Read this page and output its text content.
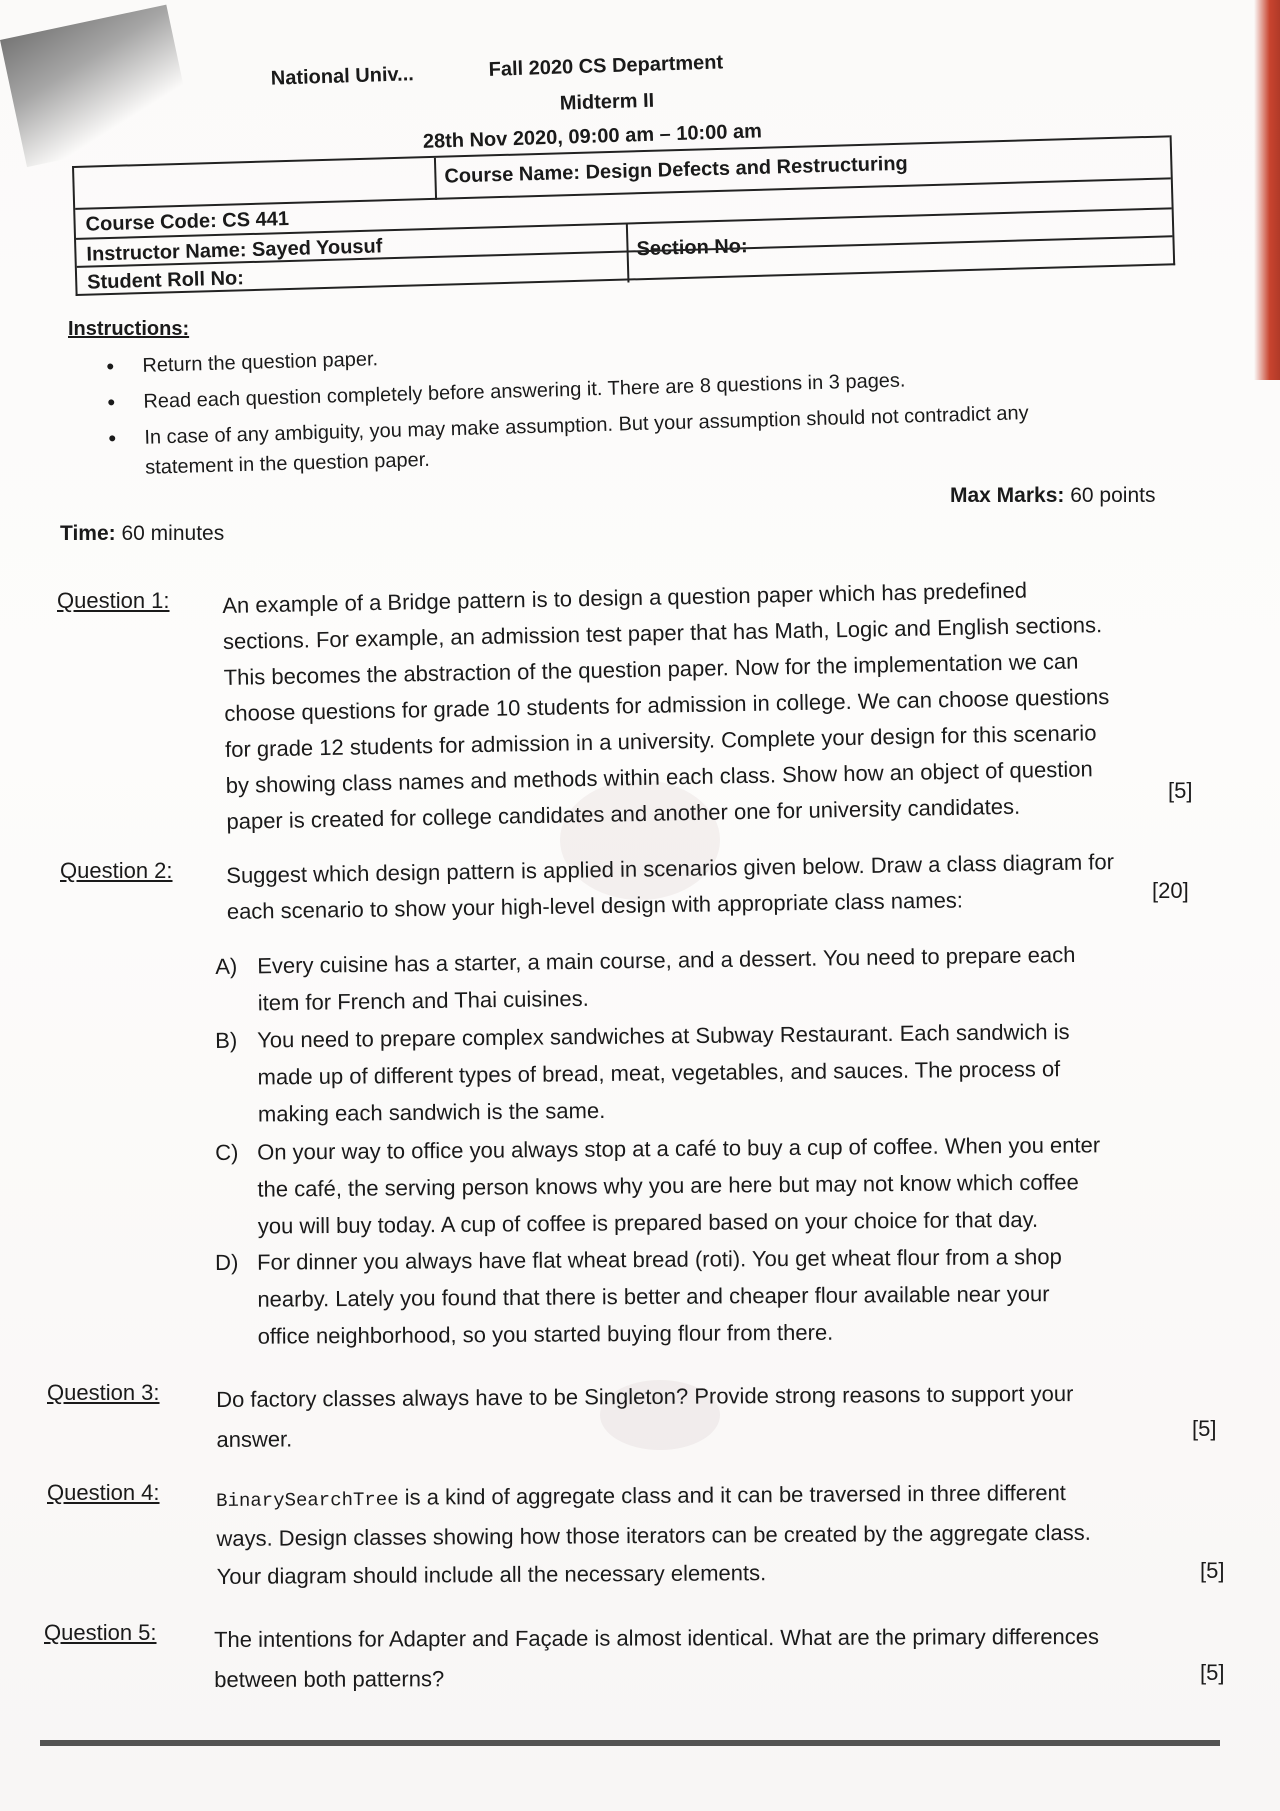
National Univ...	Fall 2020 CS Department
Midterm II
28th Nov 2020, 09:00 am – 10:00 am
Course Name: Design Defects and Restructuring
Course Code: CS 441
Instructor Name: Sayed Yousuf	Section No:
Student Roll No:
Instructions:
• Return the question paper.
• Read each question completely before answering it. There are 8 questions in 3 pages.
• In case of any ambiguity, you may make assumption. But your assumption should not contradict any
statement in the question paper.
Max Marks: 60 points
Time: 60 minutes
Question 1: An example of a Bridge pattern is to design a question paper which has predefined
sections. For example, an admission test paper that has Math, Logic and English sections.
This becomes the abstraction of the question paper. Now for the implementation we can
choose questions for grade 10 students for admission in college. We can choose questions
for grade 12 students for admission in a university. Complete your design for this scenario
by showing class names and methods within each class. Show how an object of question
paper is created for college candidates and another one for university candidates.
[5]
Question 2: Suggest which design pattern is applied in scenarios given below. Draw a class diagram for
each scenario to show your high-level design with appropriate class names:	[20]
A) Every cuisine has a starter, a main course, and a dessert. You need to prepare each
item for French and Thai cuisines.
B) You need to prepare complex sandwiches at Subway Restaurant. Each sandwich is
made up of different types of bread, meat, vegetables, and sauces. The process of
making each sandwich is the same.
C) On your way to office you always stop at a café to buy a cup of coffee. When you enter
the café, the serving person knows why you are here but may not know which coffee
you will buy today. A cup of coffee is prepared based on your choice for that day.
D) For dinner you always have flat wheat bread (roti). You get wheat flour from a shop
nearby. Lately you found that there is better and cheaper flour available near your
office neighborhood, so you started buying flour from there.
Question 3:	Do factory classes always have to be Singleton? Provide strong reasons to support your
answer.	[5]
Question 4:	BinarySearchTree is a kind of aggregate class and it can be traversed in three different
ways. Design classes showing how those iterators can be created by the aggregate class.
Your diagram should include all the necessary elements.	[5]
Question 5:	The intentions for Adapter and Façade is almost identical. What are the primary differences
between both patterns?	[5]
